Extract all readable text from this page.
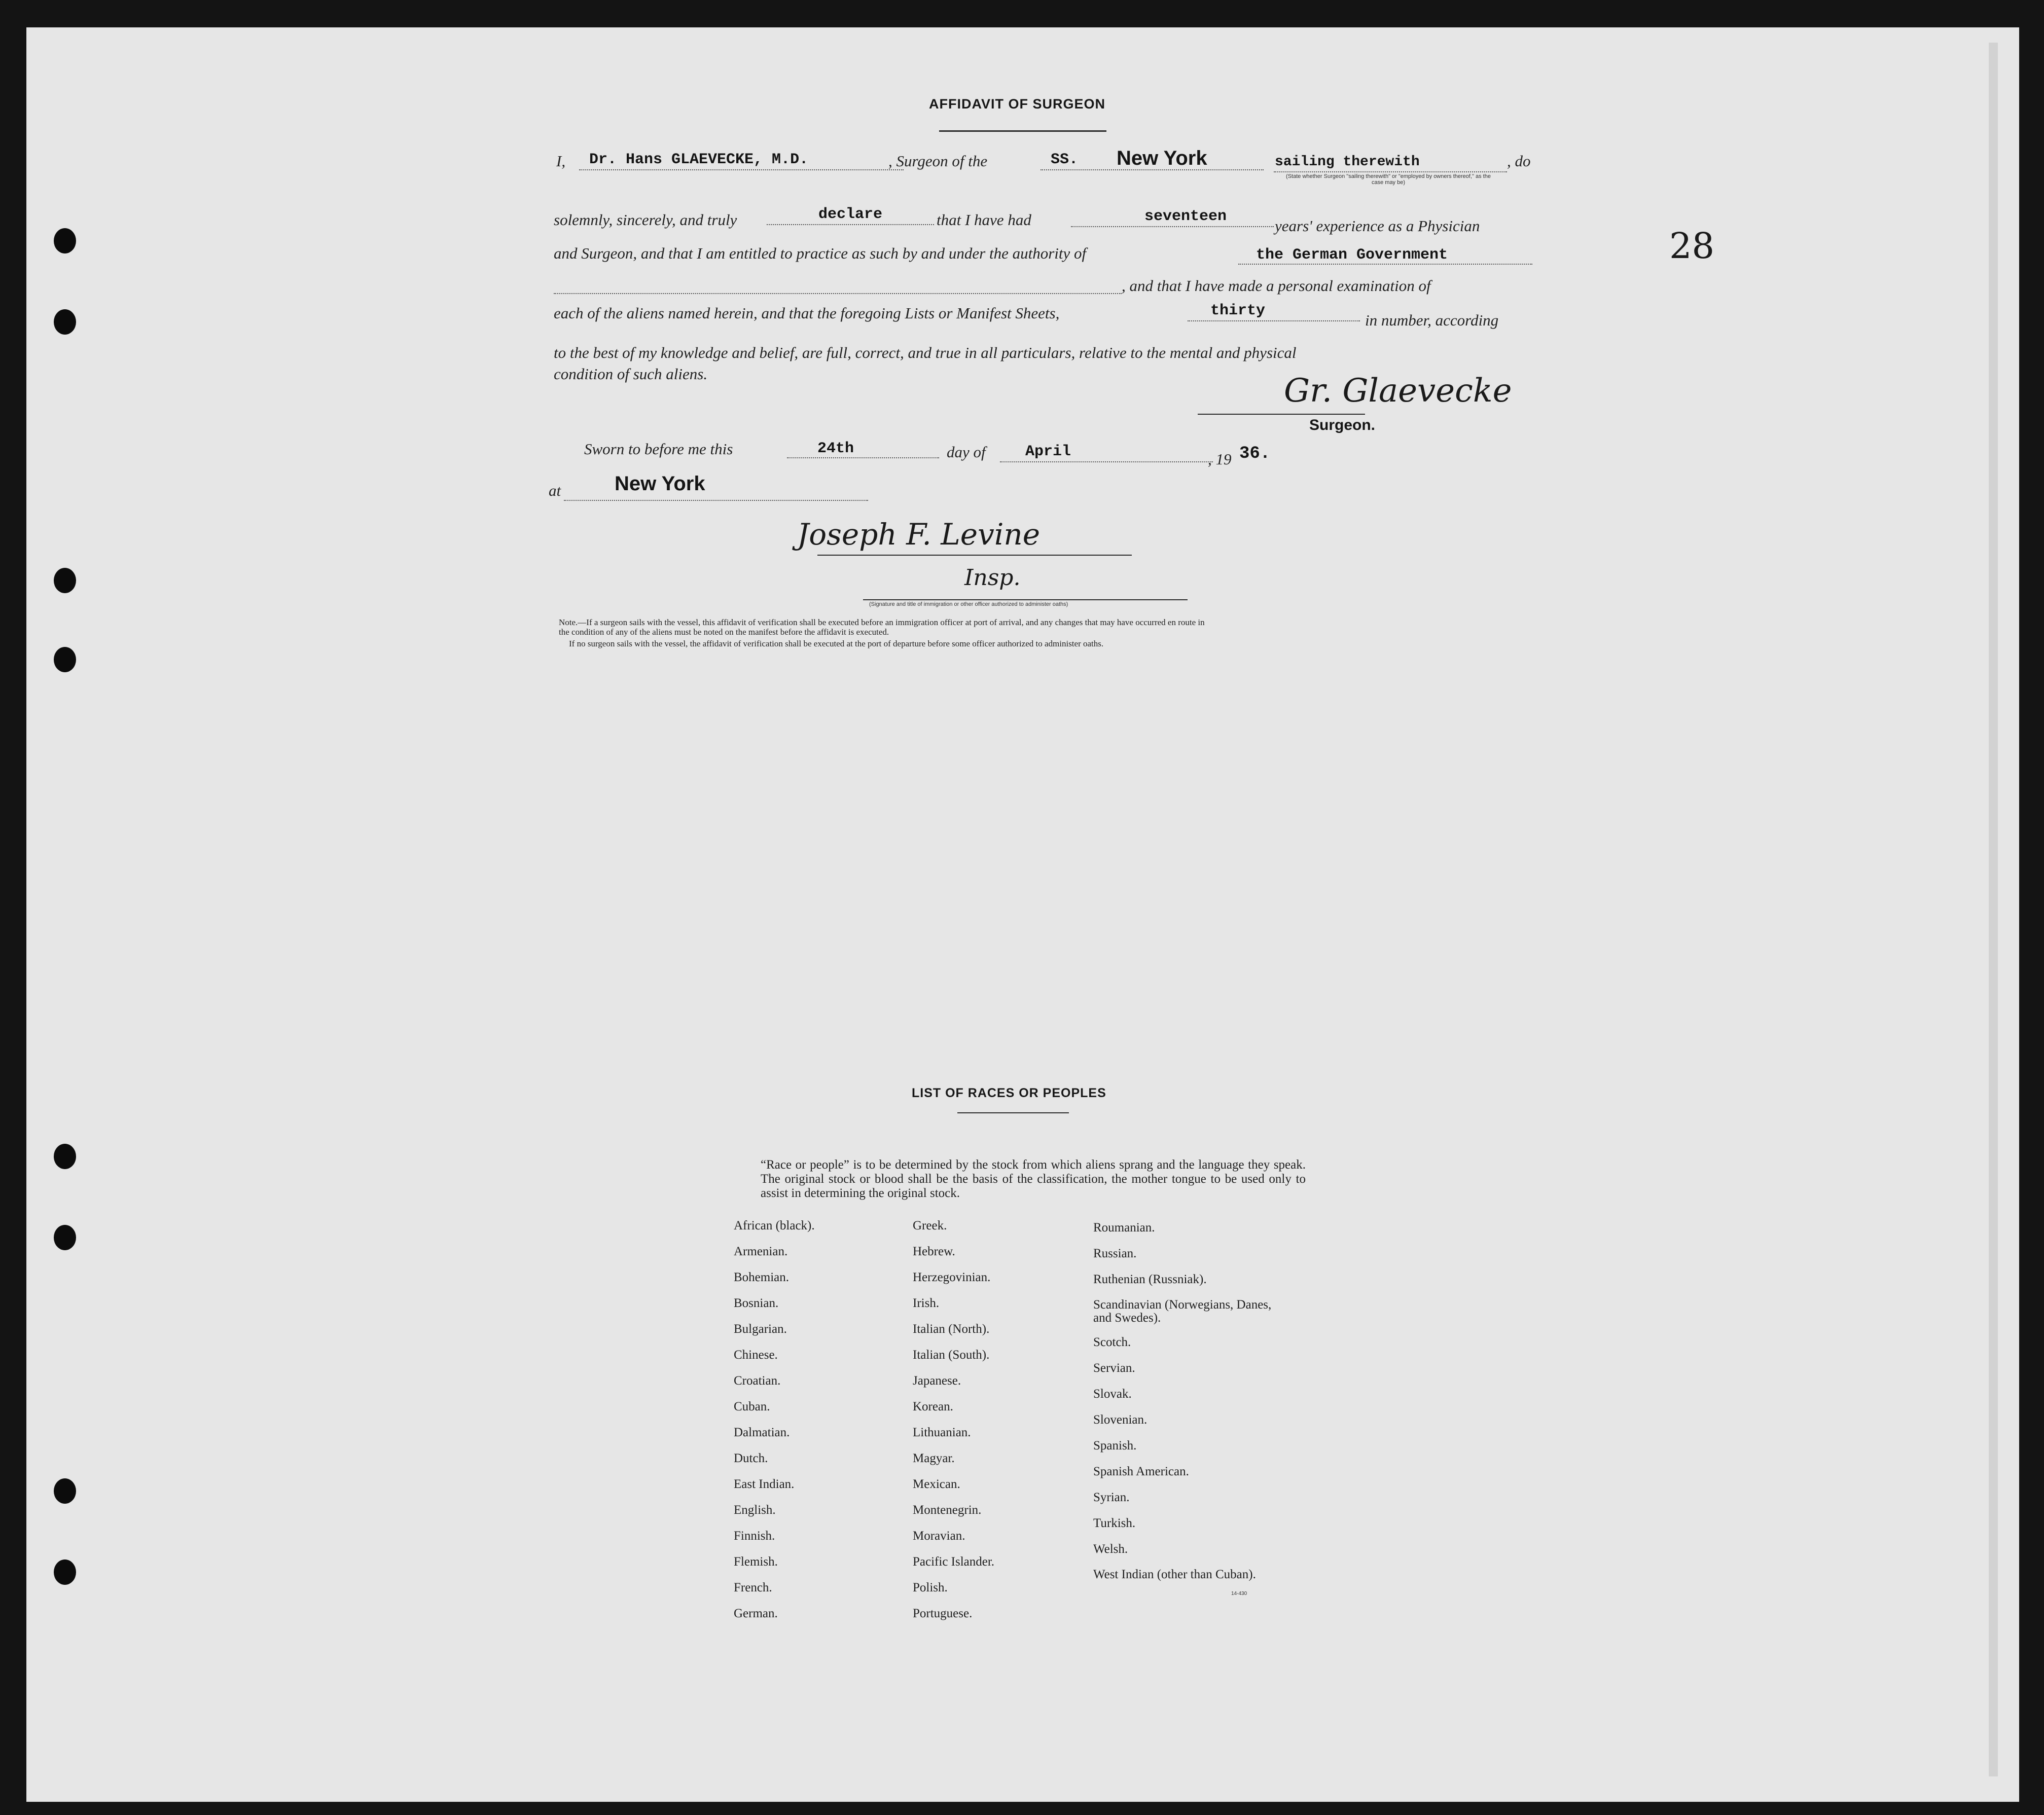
28
AFFIDAVIT OF SURGEON
I, Dr. Hans GLAEVECKE, M.D.	, Surgeon of the	SS. New York	sailing therewith
(State whether Surgeon "sailing therewith" or "employed by owners thereof," as the case may be)
, do
solemnly, sincerely, and truly	declare	that I have had	seventeen
years' experience as a Physician
and Surgeon, and that I am entitled to practice as such by and under the authority of	the German Government
, and that I have made a personal examination of
each of the aliens named herein, and that the foregoing Lists or Manifest Sheets,	thirty
in number, according
to the best of my knowledge and belief, are full, correct, and true in all particulars, relative to the mental and physical
condition of such aliens.	Gr. Glaevecke
Surgeon.
Sworn to before me this	24th	day of	April	, 19 36.
at	New York
Joseph F. Levine
Insp.
(Signature and title of immigration or other officer authorized to administer oaths)
Note.—If a surgeon sails with the vessel, this affidavit of verification shall be executed before an immigration officer at port of arrival, and any changes that may have occurred en route in
the condition of any of the aliens must be noted on the manifest before the affidavit is executed.
If no surgeon sails with the vessel, the affidavit of verification shall be executed at the port of departure before some officer authorized to administer oaths.
LIST OF RACES OR PEOPLES
“Race or people” is to be determined by the stock from which aliens sprang and the language they speak. The original stock or blood shall be the basis of the classification, the mother tongue to be used only to assist in determining the original stock.
African (black).
Armenian.
Bohemian.
Bosnian.
Bulgarian.
Chinese.
Croatian.
Cuban.
Dalmatian.
Dutch.
East Indian.
English.
Finnish.
Flemish.
French.
German.
Greek.
Hebrew.
Herzegovinian.
Irish.
Italian (North).
Italian (South).
Japanese.
Korean.
Lithuanian.
Magyar.
Mexican.
Montenegrin.
Moravian.
Pacific Islander.
Polish.
Portuguese.
Roumanian.
Russian.
Ruthenian (Russniak).
Scandinavian (Norwegians, Danes, and Swedes).
Scotch.
Servian.
Slovak.
Slovenian.
Spanish.
Spanish American.
Syrian.
Turkish.
Welsh.
West Indian (other than Cuban).
14-430
